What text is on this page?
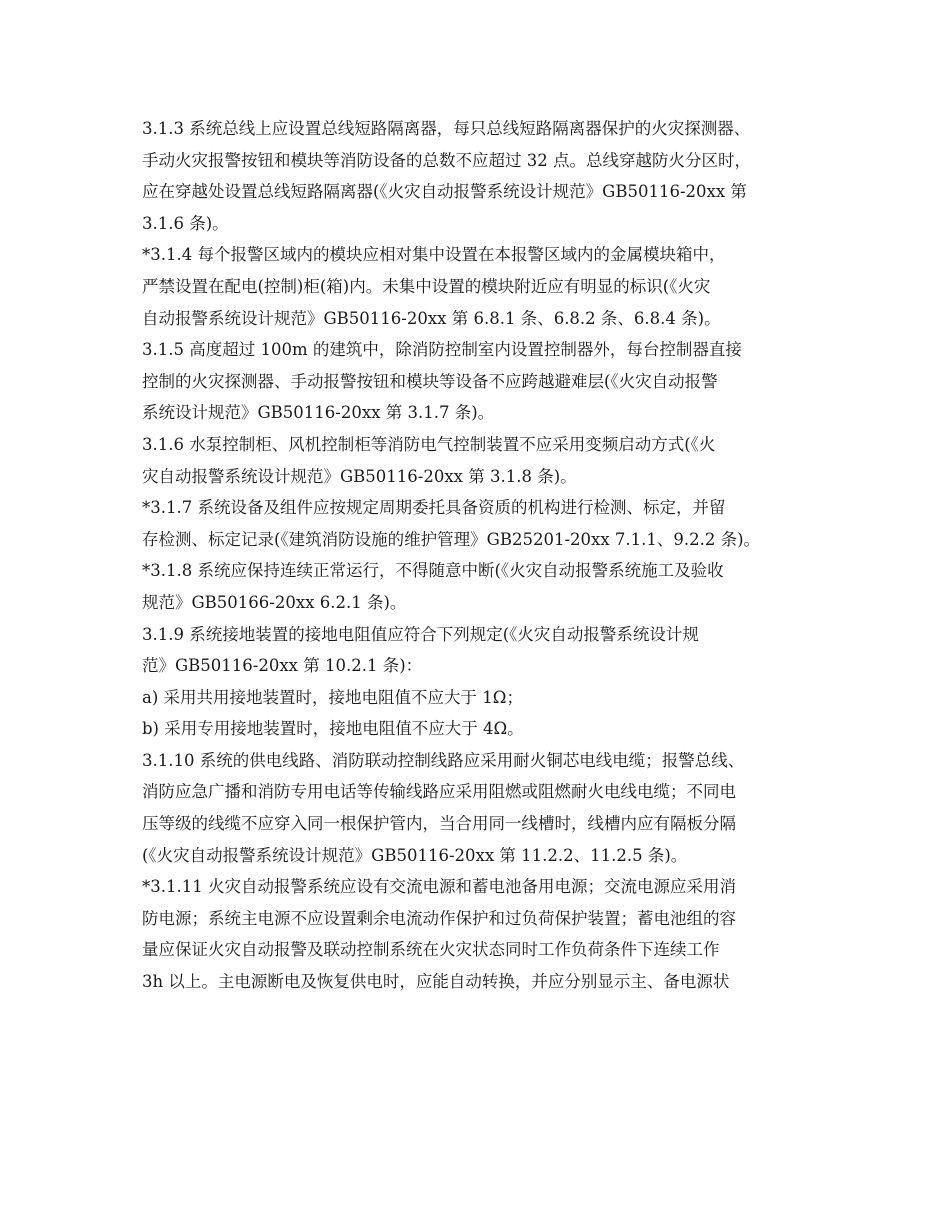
3.1.3 系统总线上应设置总线短路隔离器，每只总线短路隔离器保护的火灾探测器、
手动火灾报警按钮和模块等消防设备的总数不应超过 32 点。总线穿越防火分区时，
应在穿越处设置总线短路隔离器(《火灾自动报警系统设计规范》GB50116-20xx 第
3.1.6 条)。
*3.1.4 每个报警区域内的模块应相对集中设置在本报警区域内的金属模块箱中，
严禁设置在配电(控制)柜(箱)内。未集中设置的模块附近应有明显的标识(《火灾
自动报警系统设计规范》GB50116-20xx 第 6.8.1 条、6.8.2 条、6.8.4 条)。
3.1.5 高度超过 100m 的建筑中，除消防控制室内设置控制器外，每台控制器直接
控制的火灾探测器、手动报警按钮和模块等设备不应跨越避难层(《火灾自动报警
系统设计规范》GB50116-20xx 第 3.1.7 条)。
3.1.6 水泵控制柜、风机控制柜等消防电气控制装置不应采用变频启动方式(《火
灾自动报警系统设计规范》GB50116-20xx 第 3.1.8 条)。
*3.1.7 系统设备及组件应按规定周期委托具备资质的机构进行检测、标定，并留
存检测、标定记录(《建筑消防设施的维护管理》GB25201-20xx 7.1.1、9.2.2 条)。
*3.1.8 系统应保持连续正常运行，不得随意中断(《火灾自动报警系统施工及验收
规范》GB50166-20xx 6.2.1 条)。
3.1.9 系统接地装置的接地电阻值应符合下列规定(《火灾自动报警系统设计规
范》GB50116-20xx 第 10.2.1 条)：
a) 采用共用接地装置时，接地电阻值不应大于 1Ω；
b) 采用专用接地装置时，接地电阻值不应大于 4Ω。
3.1.10 系统的供电线路、消防联动控制线路应采用耐火铜芯电线电缆；报警总线、
消防应急广播和消防专用电话等传输线路应采用阻燃或阻燃耐火电线电缆；不同电
压等级的线缆不应穿入同一根保护管内，当合用同一线槽时，线槽内应有隔板分隔
(《火灾自动报警系统设计规范》GB50116-20xx 第 11.2.2、11.2.5 条)。
*3.1.11 火灾自动报警系统应设有交流电源和蓄电池备用电源；交流电源应采用消
防电源；系统主电源不应设置剩余电流动作保护和过负荷保护装置；蓄电池组的容
量应保证火灾自动报警及联动控制系统在火灾状态同时工作负荷条件下连续工作
3h 以上。主电源断电及恢复供电时，应能自动转换，并应分别显示主、备电源状
